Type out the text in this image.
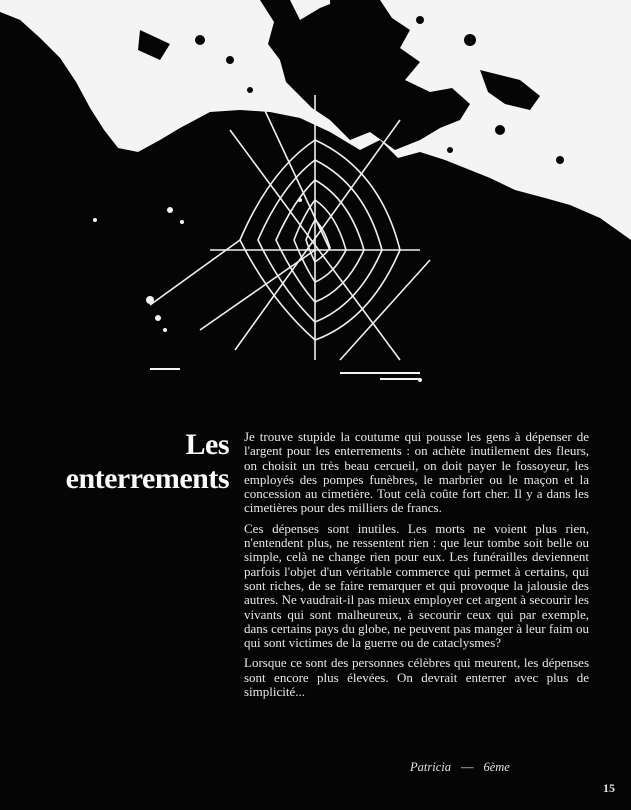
Les
enterrements

Je trouve stupide la coutume qui pousse les gens à dépenser de l'argent pour les enterrements : on achète inutilement des fleurs, on choisit un très beau cercueil, on doit payer le fossoyeur, les employés des pompes funèbres, le marbrier ou le maçon et la concession au cimetière. Tout celà coûte fort cher. Il y a dans les cimetières pour des milliers de francs.

Ces dépenses sont inutiles. Les morts ne voient plus rien, n'entendent plus, ne ressentent rien : que leur tombe soit belle ou simple, celà ne change rien pour eux. Les funérailles deviennent parfois l'objet d'un véritable commerce qui permet à certains, qui sont riches, de se faire remarquer et qui provoque la jalousie des autres. Ne vaudrait-il pas mieux employer cet argent à secourir les vivants qui sont malheureux, à secourir ceux qui par exemple, dans certains pays du globe, ne peuvent pas manger à leur faim ou qui sont victimes de la guerre ou de cataclysmes?

Lorsque ce sont des personnes célèbres qui meurent, les dépenses sont encore plus élevées. On devrait enterrer avec plus de simplicité...

Patricia — 6ème
15
